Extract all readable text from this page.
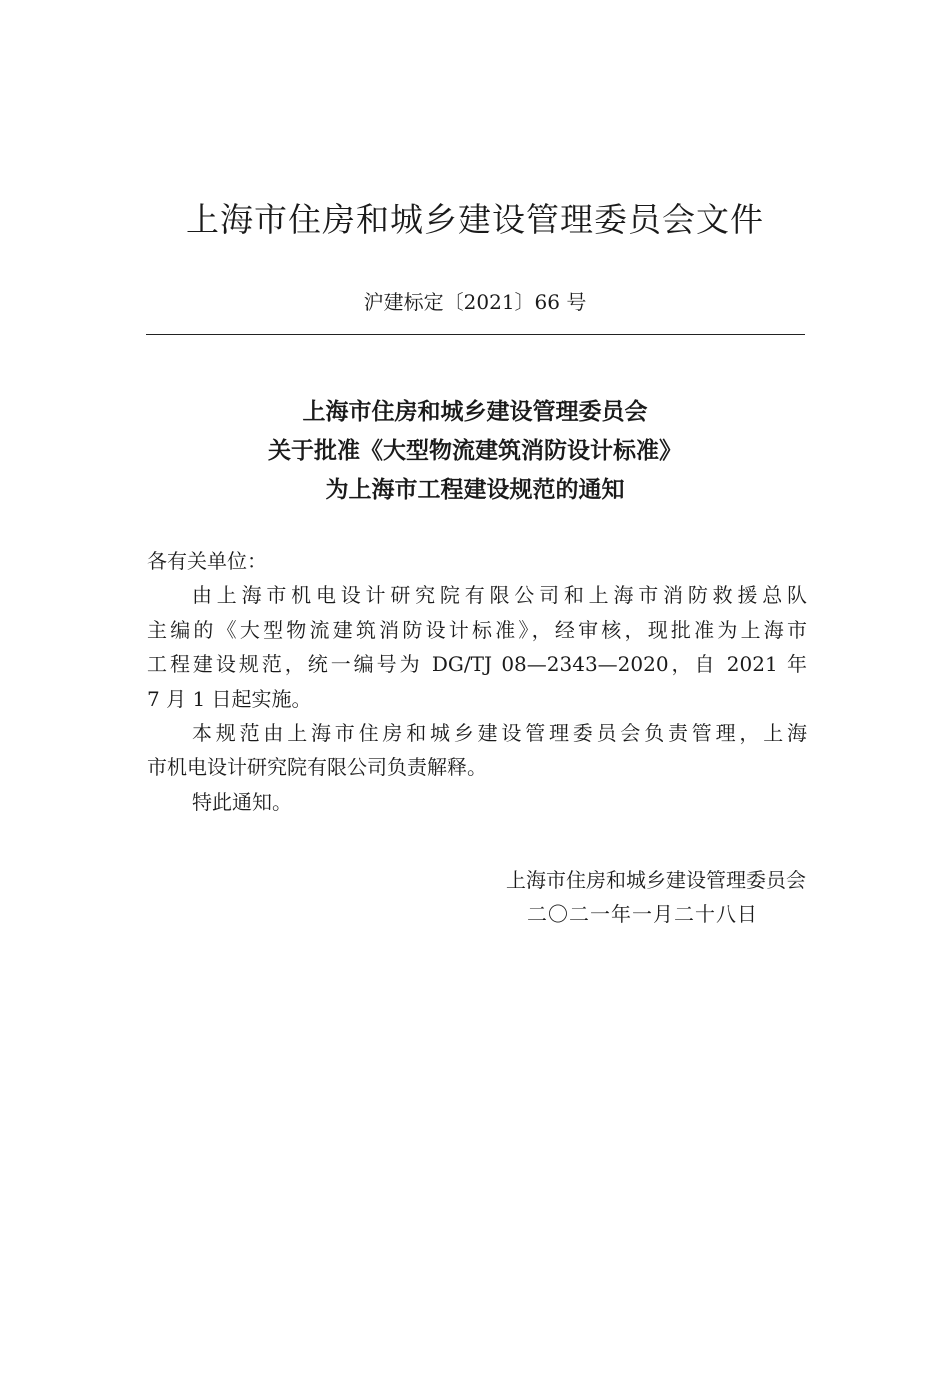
上海市住房和城乡建设管理委员会文件
沪建标定〔2021〕66 号
上海市住房和城乡建设管理委员会
关于批准《大型物流建筑消防设计标准》
为上海市工程建设规范的通知
各有关单位：
由上海市机电设计研究院有限公司和上海市消防救援总队
主编的《大型物流建筑消防设计标准》，经审核，现批准为上海市
工程建设规范，统一编号为 DG/TJ 08—2343—2020，自 2021 年
7 月 1 日起实施。
本规范由上海市住房和城乡建设管理委员会负责管理，上海
市机电设计研究院有限公司负责解释。
特此通知。
上海市住房和城乡建设管理委员会
二〇二一年一月二十八日
